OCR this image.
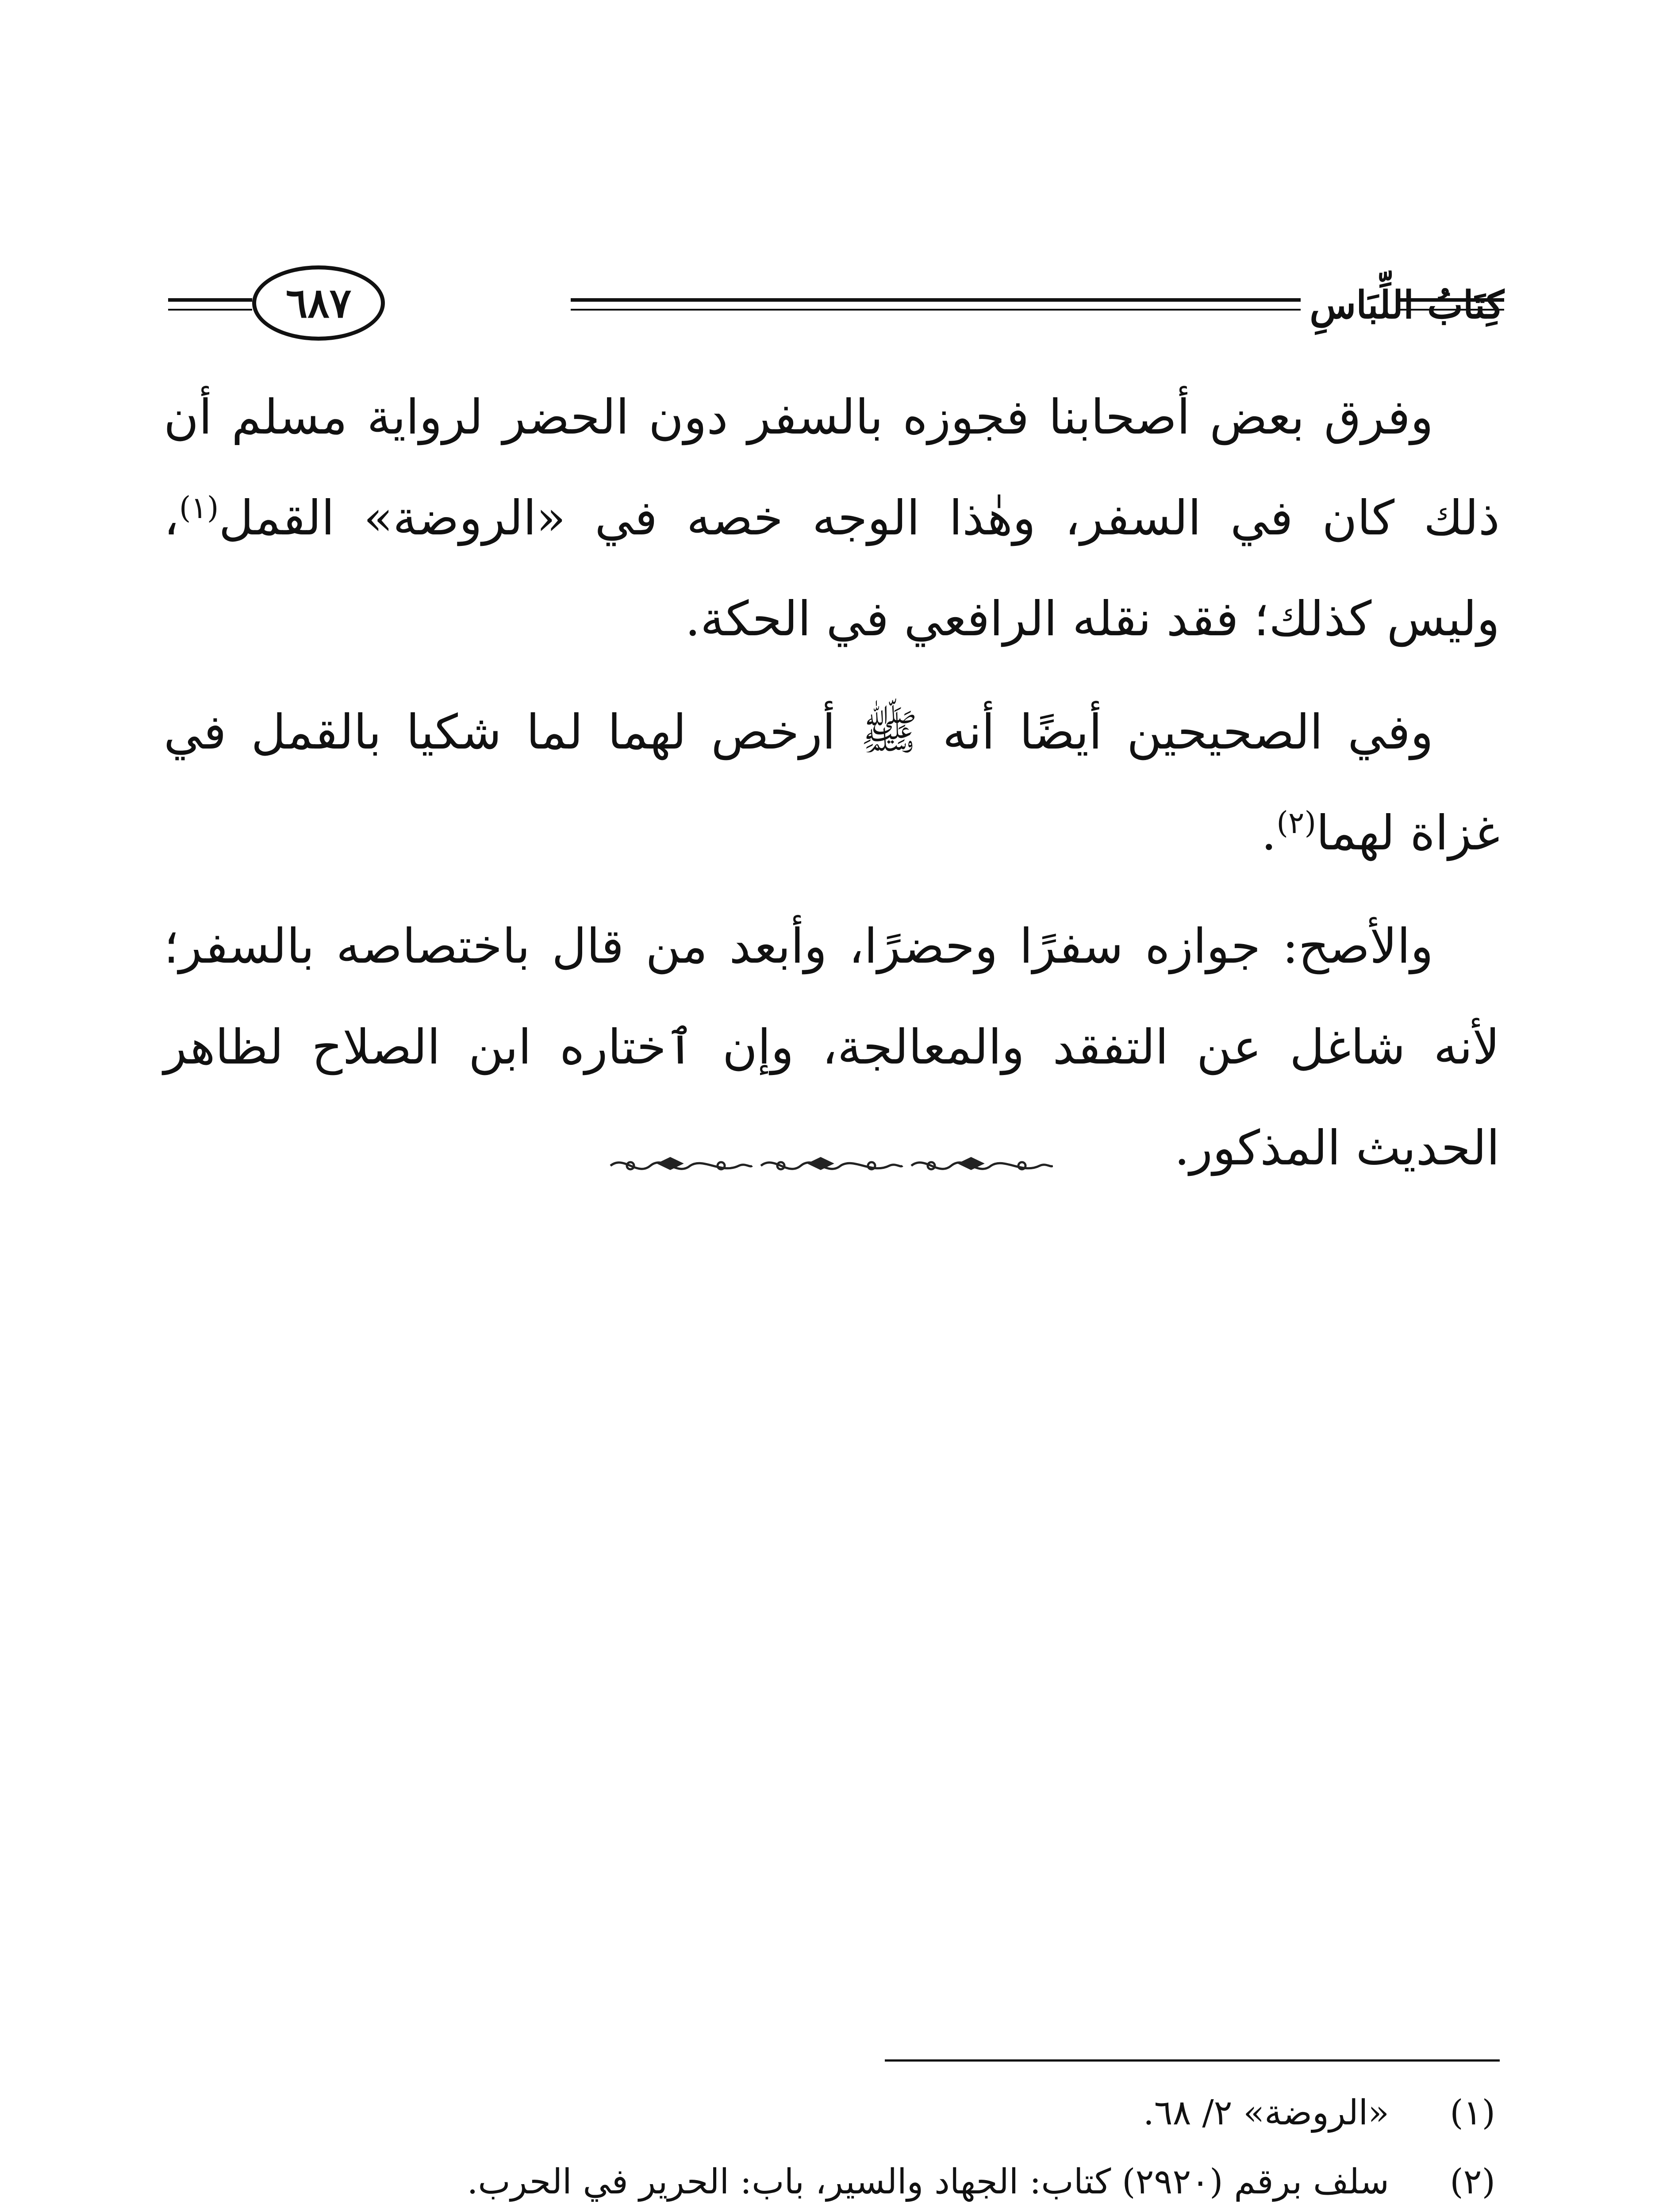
كِتَابُ اللِّبَاسِ
٦٨٧

وفرق بعض أصحابنا فجوزه بالسفر دون الحضر لرواية مسلم أن ذلك كان في السفر، وهٰذا الوجه خصه في «الروضة» القمل$^{(١)}$، وليس كذلك؛ فقد نقله الرافعي في الحكة.

وفي الصحيحين أيضًا أنه ﷺ أرخص لهما لما شكيا بالقمل في غزاة لهما$^{(٢)}$.

والأصح: جوازه سفرًا وحضرًا، وأبعد من قال باختصاصه بالسفر؛ لأنه شاغل عن التفقد والمعالجة، وإن ٱختاره ابن الصلاح لظاهر الحديث المذكور.

(١)
«الروضة» ٢/ ٦٨.
(٢)
سلف برقم (٢٩٢٠) كتاب: الجهاد والسير، باب: الحرير في الحرب.
